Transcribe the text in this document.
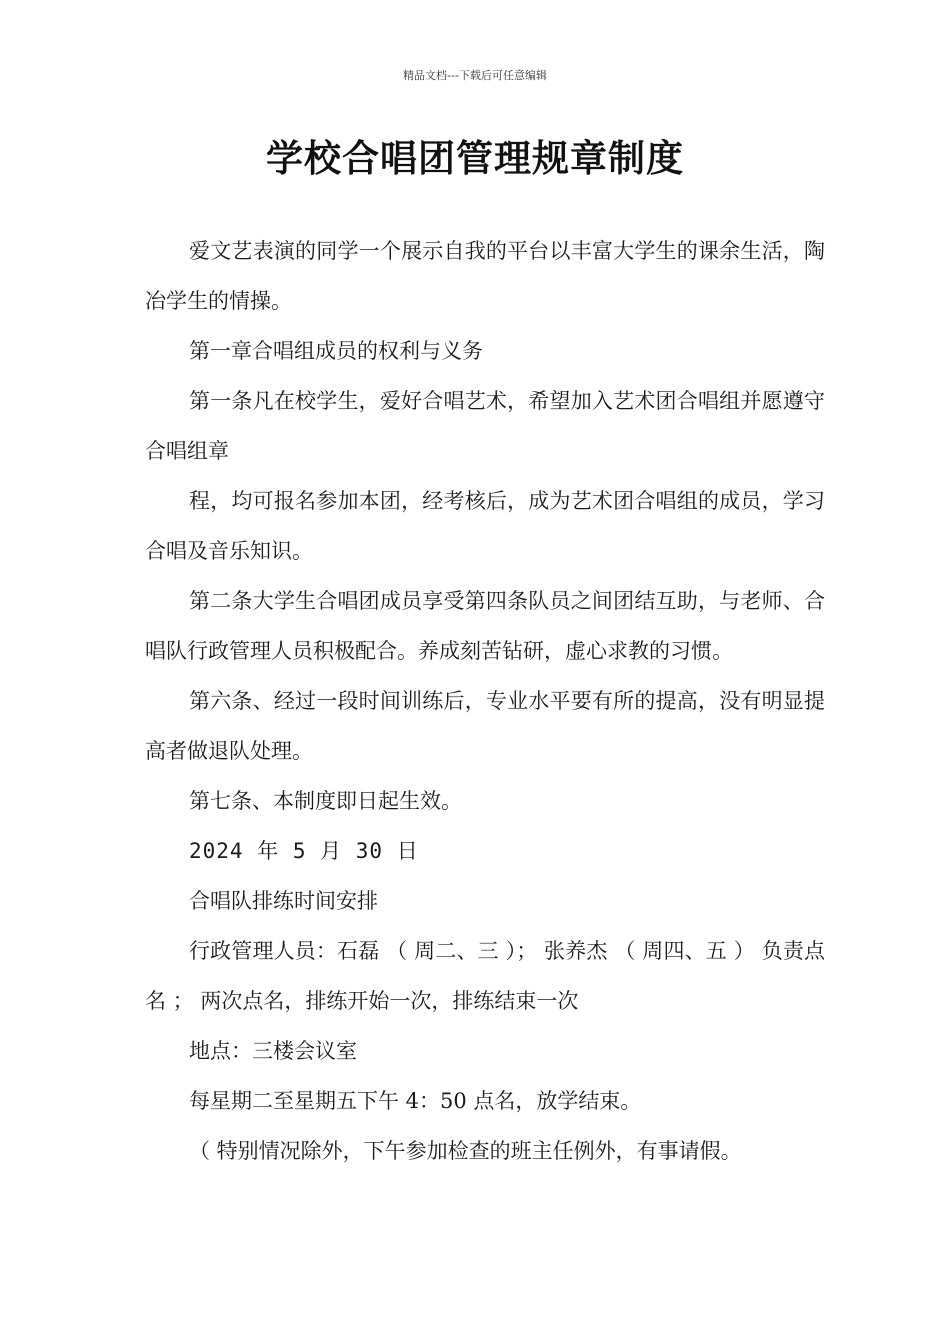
精品文档---下载后可任意编辑
学校合唱团管理规章制度

爱文艺表演的同学一个展示自我的平台以丰富大学生的课余生活，陶冶学生的情操。

第一章合唱组成员的权利与义务

第一条凡在校学生，爱好合唱艺术，希望加入艺术团合唱组并愿遵守合唱组章

程，均可报名参加本团，经考核后，成为艺术团合唱组的成员，学习合唱及音乐知识。

第二条大学生合唱团成员享受第四条队员之间团结互助，与老师、合唱队行政管理人员积极配合。养成刻苦钻研，虚心求教的习惯。

第六条、经过一段时间训练后，专业水平要有所的提高，没有明显提高者做退队处理。

第七条、本制度即日起生效。

2024 年 5 月 30 日

合唱队排练时间安排

行政管理人员：石磊 （ 周二、三 ）； 张养杰 （ 周四、五 ） 负责点名 ； 两次点名，排练开始一次，排练结束一次

地点：三楼会议室

每星期二至星期五下午 4：50 点名，放学结束。

（ 特别情况除外，下午参加检查的班主任例外，有事请假。
